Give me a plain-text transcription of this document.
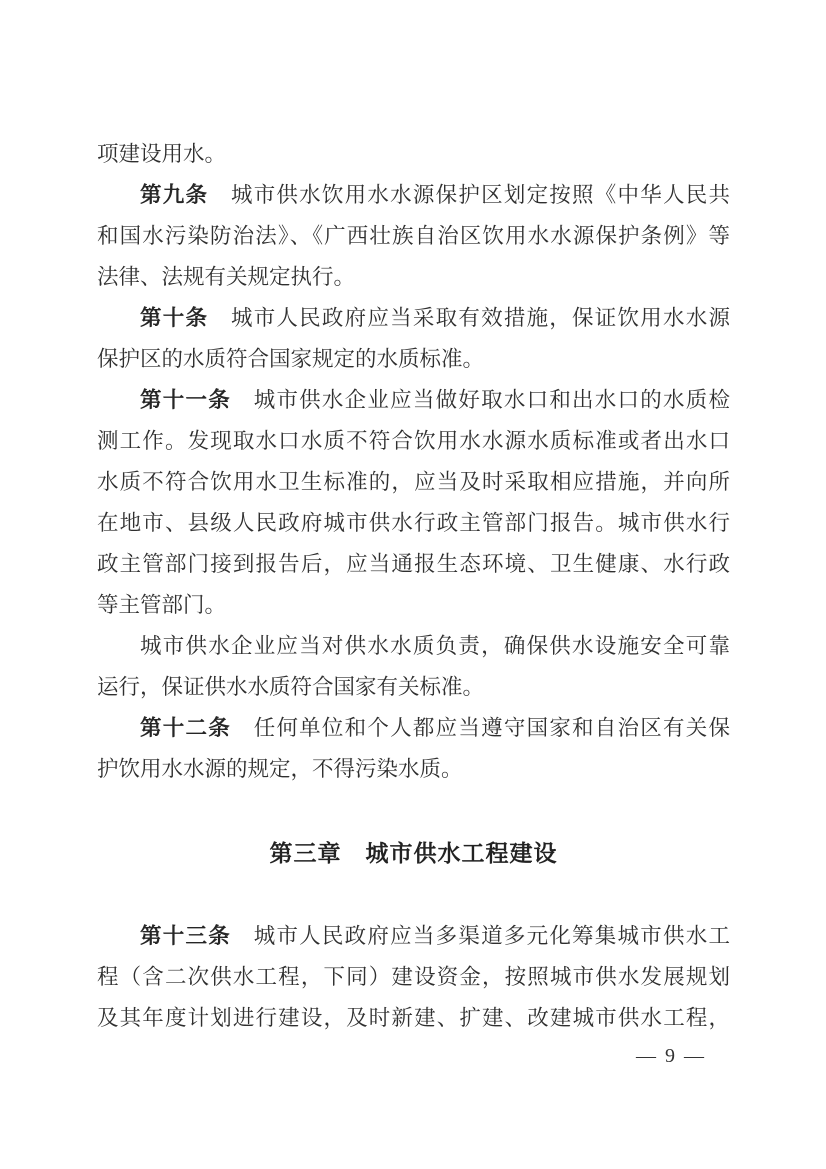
项建设用水。
第九条　城市供水饮用水水源保护区划定按照《中华人民共
和国水污染防治法》、《广西壮族自治区饮用水水源保护条例》等
法律、法规有关规定执行。
第十条　城市人民政府应当采取有效措施，保证饮用水水源
保护区的水质符合国家规定的水质标准。
第十一条　城市供水企业应当做好取水口和出水口的水质检
测工作。发现取水口水质不符合饮用水水源水质标准或者出水口
水质不符合饮用水卫生标准的，应当及时采取相应措施，并向所
在地市、县级人民政府城市供水行政主管部门报告。城市供水行
政主管部门接到报告后，应当通报生态环境、卫生健康、水行政
等主管部门。
城市供水企业应当对供水水质负责，确保供水设施安全可靠
运行，保证供水水质符合国家有关标准。
第十二条　任何单位和个人都应当遵守国家和自治区有关保
护饮用水水源的规定，不得污染水质。
第三章　城市供水工程建设
第十三条　城市人民政府应当多渠道多元化筹集城市供水工
程（含二次供水工程，下同）建设资金，按照城市供水发展规划
及其年度计划进行建设，及时新建、扩建、改建城市供水工程，
— 9 —
